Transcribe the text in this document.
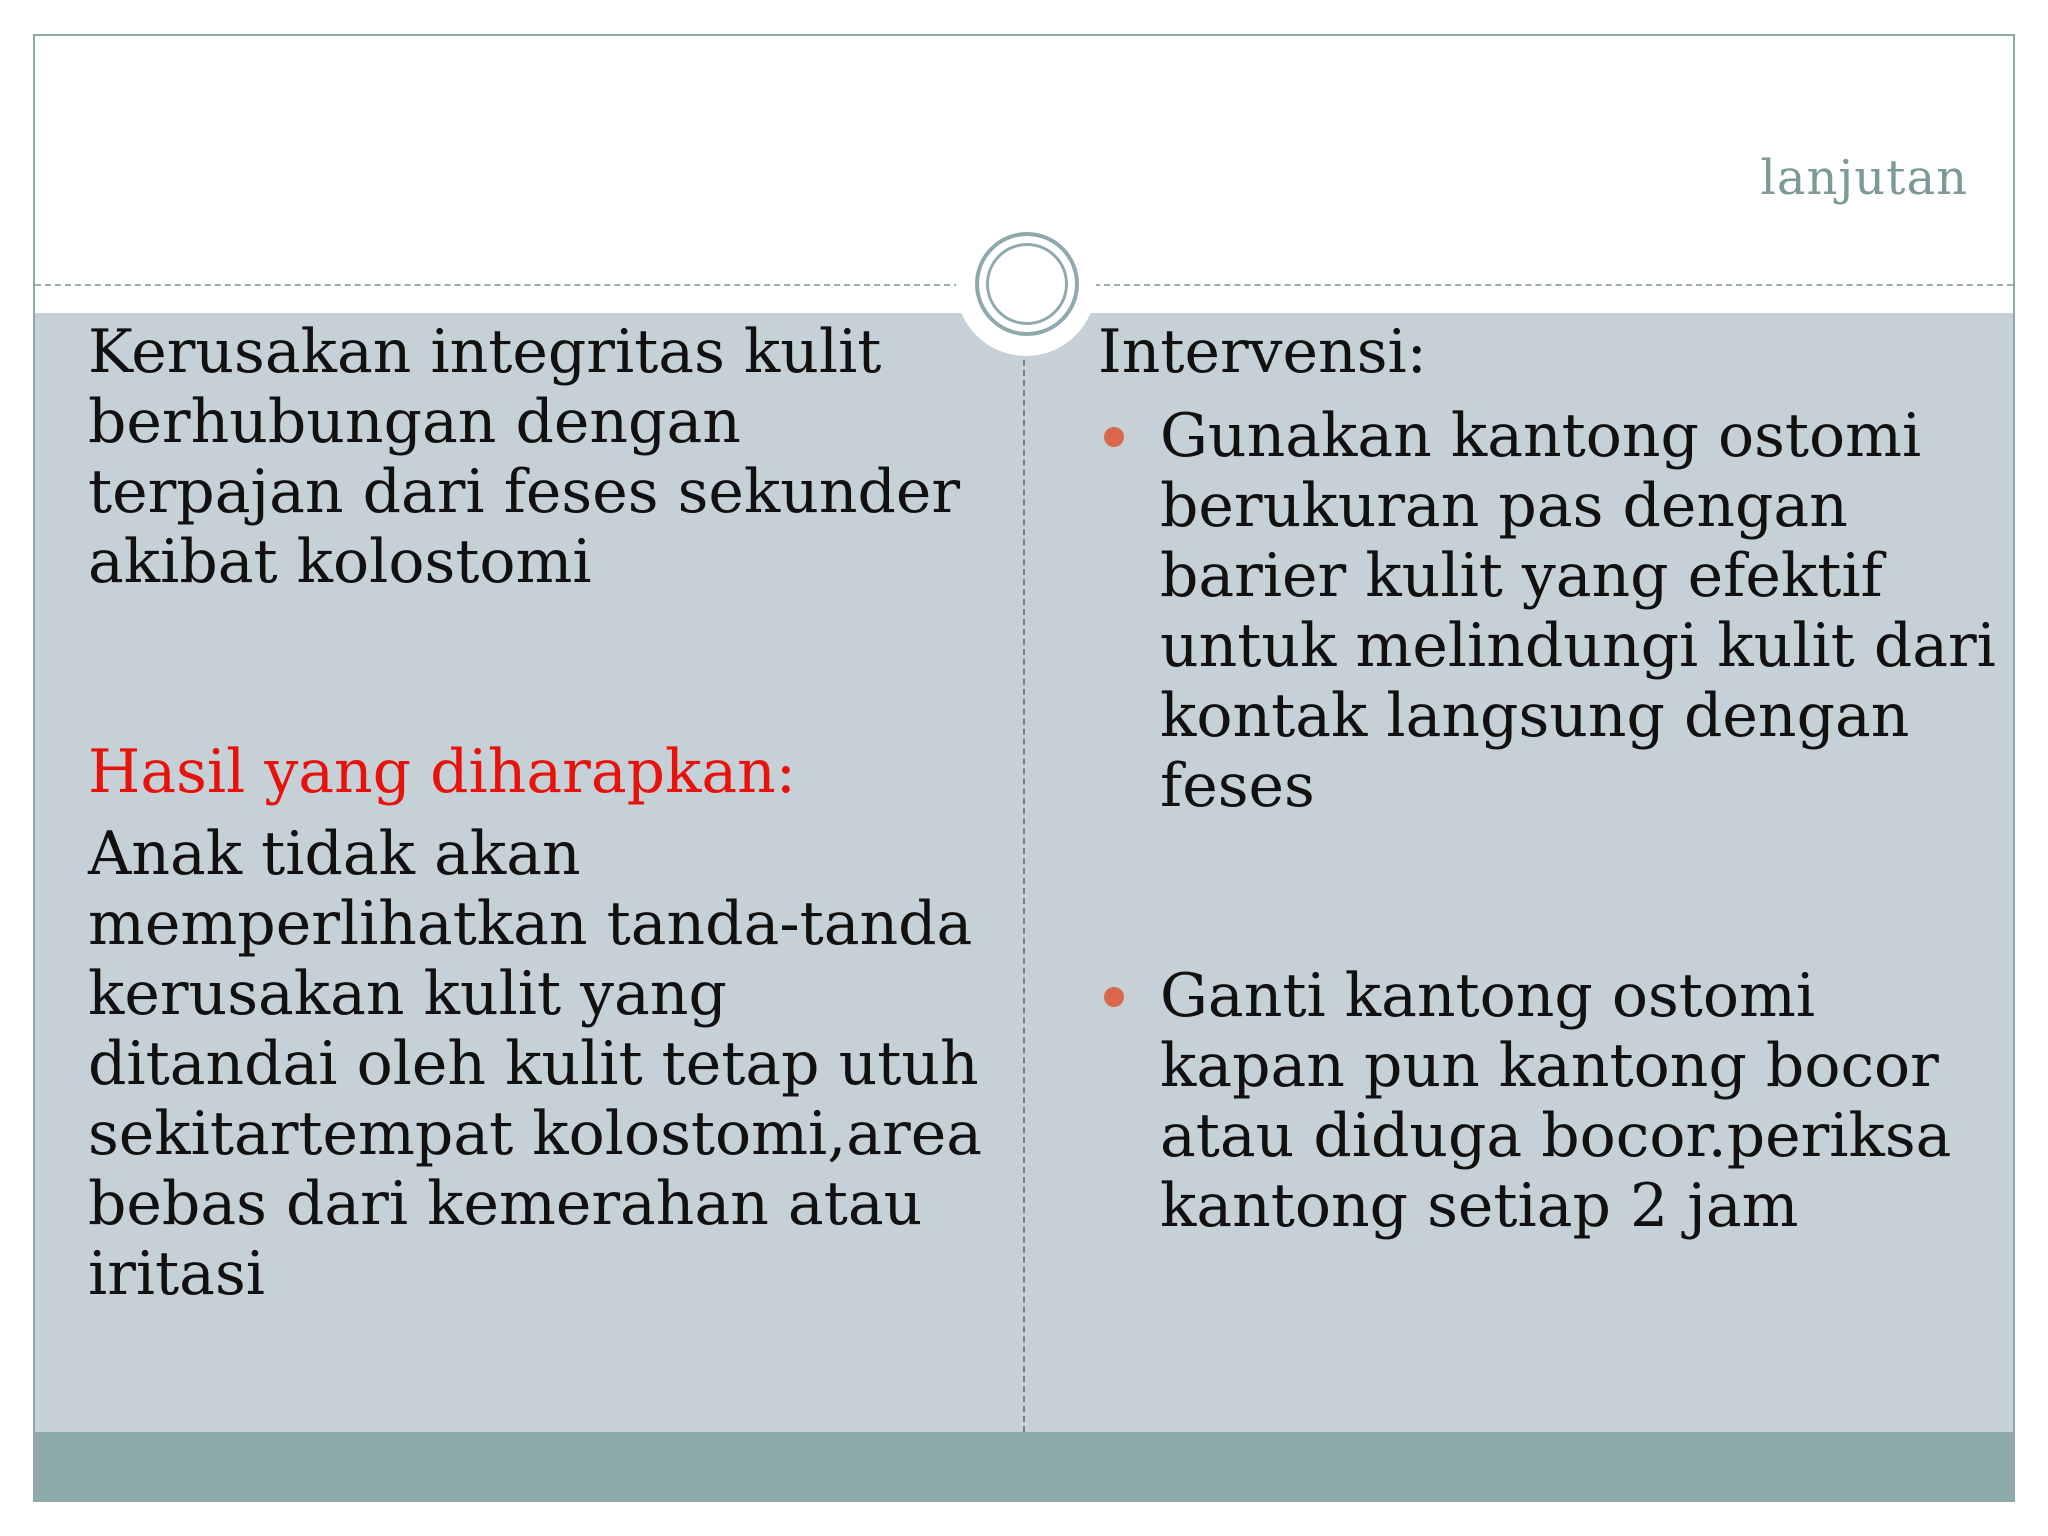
lanjutan

Kerusakan integritas kulit berhubungan dengan terpajan dari feses sekunder akibat kolostomi

Hasil yang diharapkan:

Anak tidak akan memperlihatkan tanda-tanda kerusakan kulit yang ditandai oleh kulit tetap utuh sekitartempat kolostomi,area bebas dari kemerahan atau iritasi

Intervensi:

Gunakan kantong ostomi berukuran pas dengan barier kulit yang efektif untuk melindungi kulit dari kontak langsung dengan feses
Ganti kantong ostomi kapan pun kantong bocor atau diduga bocor.periksa kantong setiap 2 jam
